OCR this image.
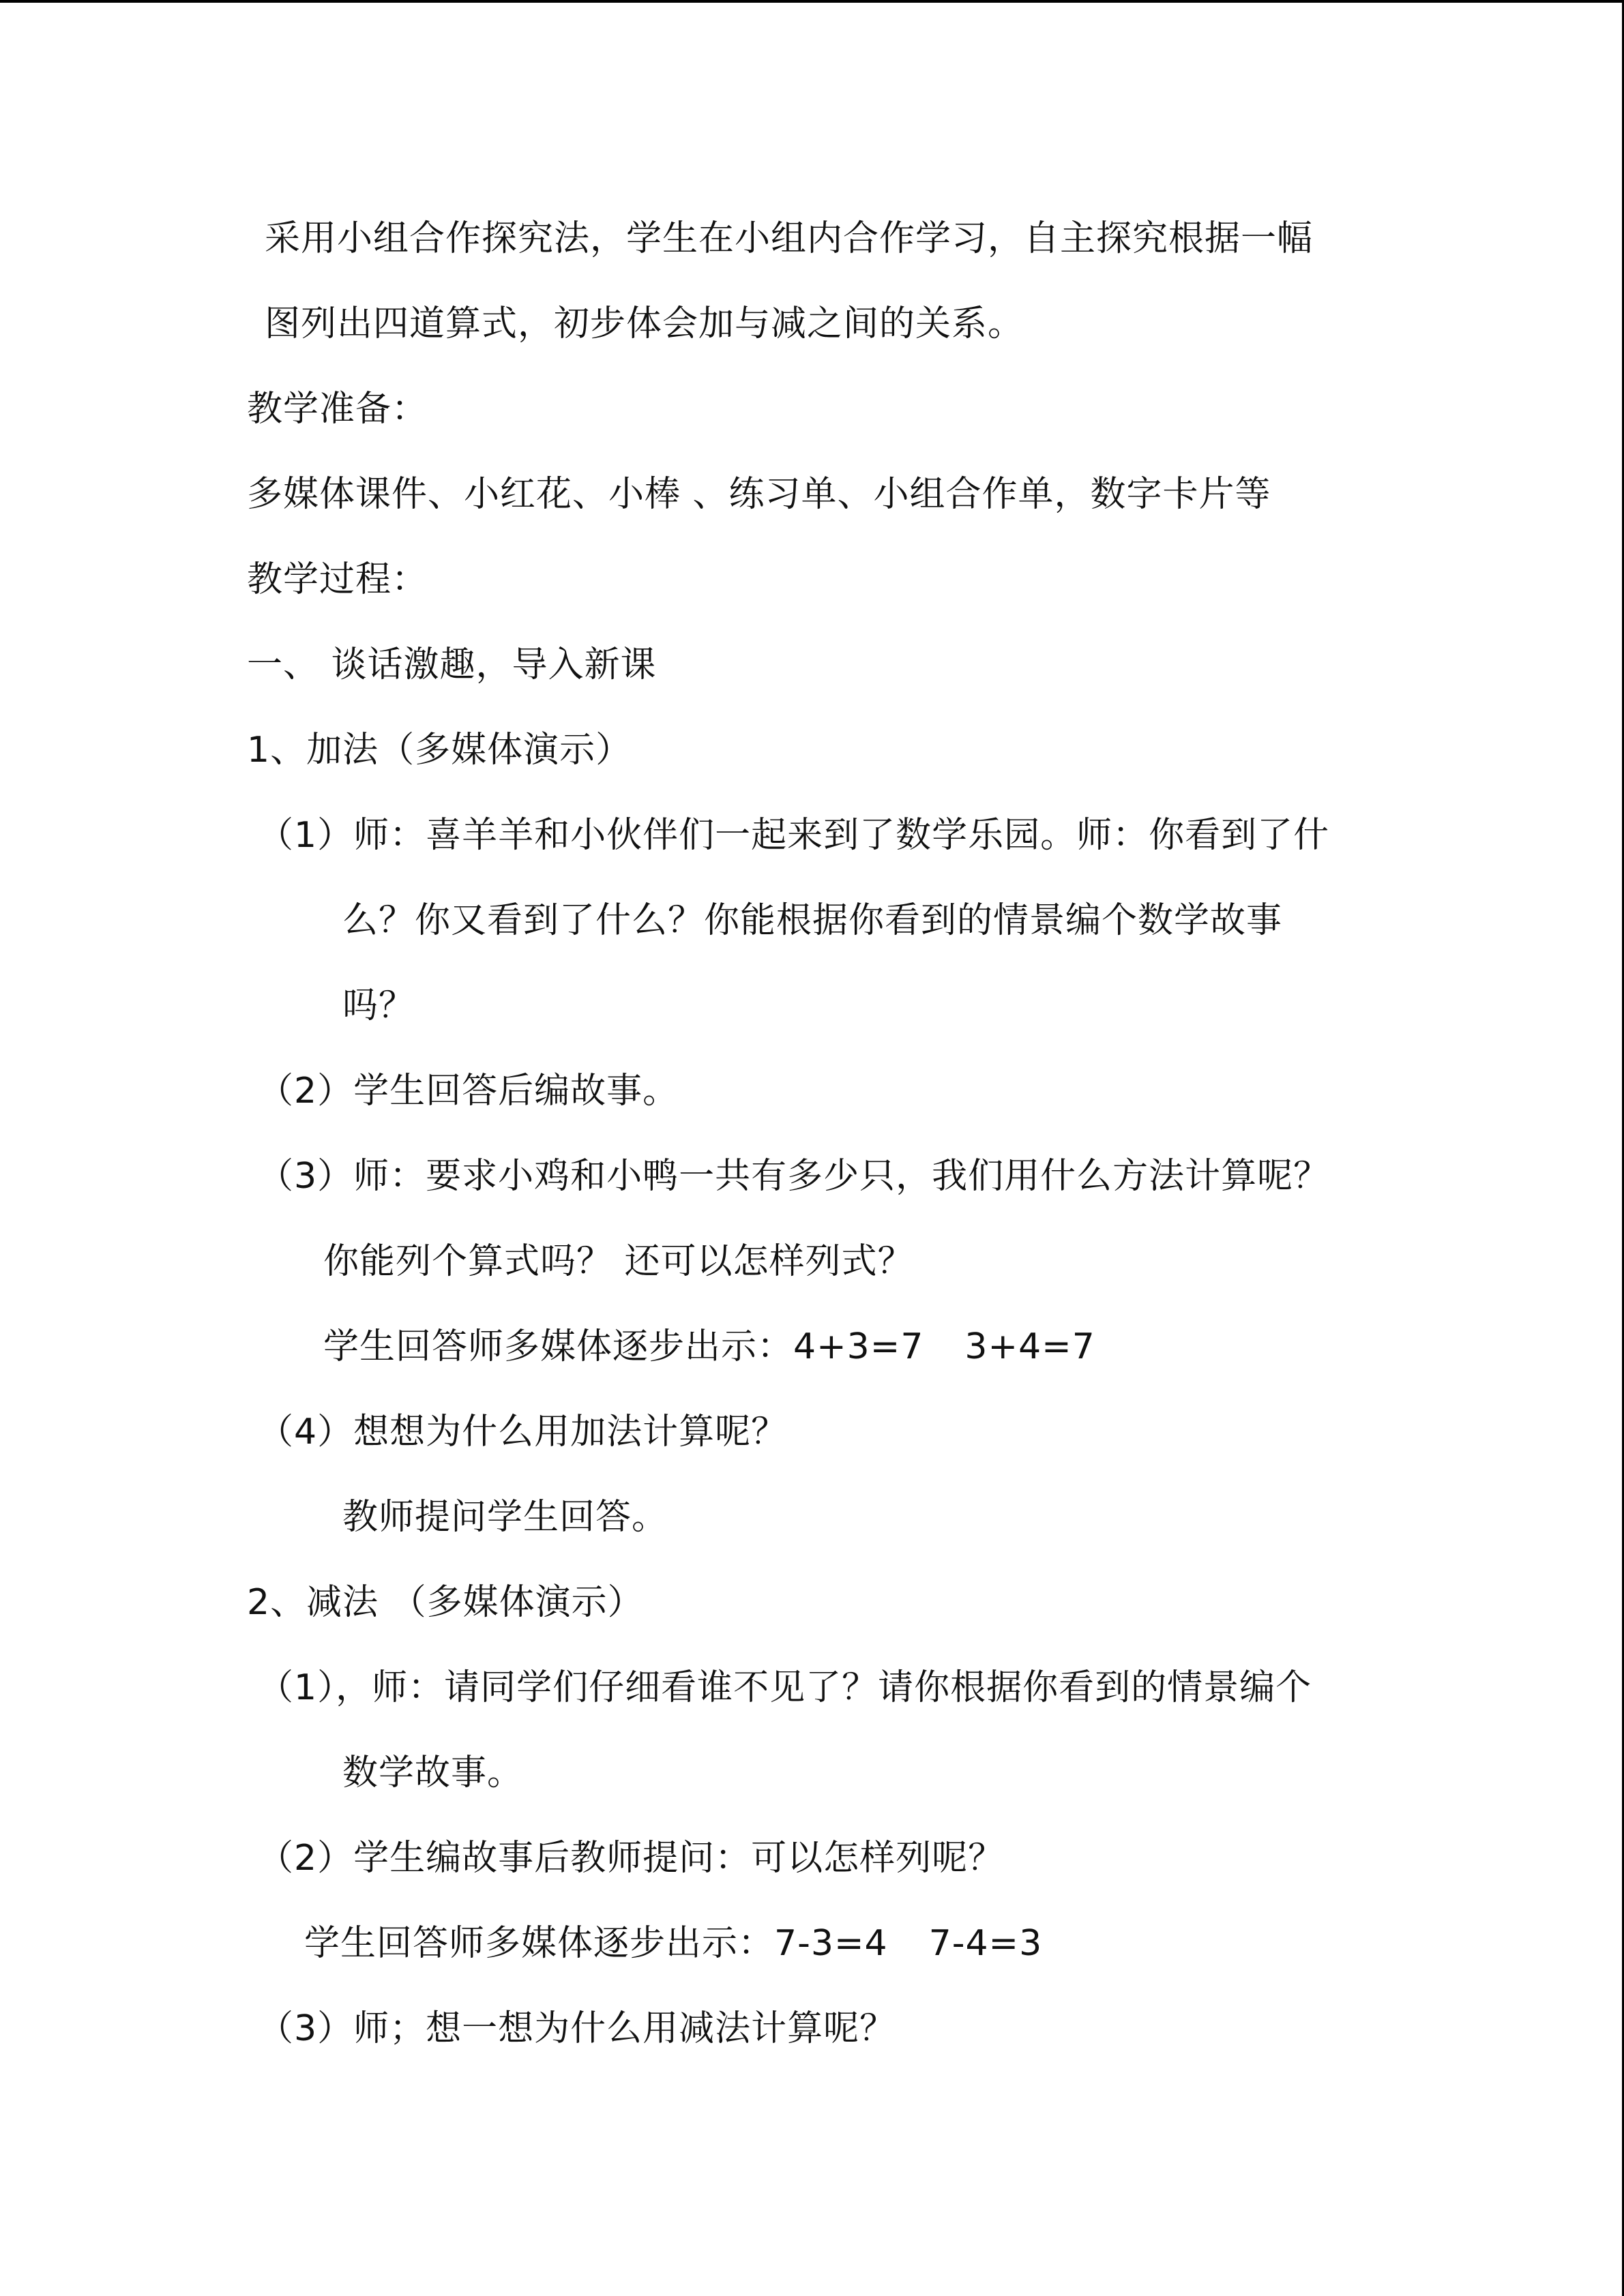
采用小组合作探究法，学生在小组内合作学习，自主探究根据一幅
图列出四道算式，初步体会加与减之间的关系。
教学准备：
多媒体课件、小红花、小棒 、练习单、小组合作单，数字卡片等
教学过程：
一、 谈话激趣，导入新课
1、加法（多媒体演示）
（1）师：喜羊羊和小伙伴们一起来到了数学乐园。师：你看到了什
么？你又看到了什么？你能根据你看到的情景编个数学故事
吗？
（2）学生回答后编故事。
（3）师：要求小鸡和小鸭一共有多少只，我们用什么方法计算呢？
你能列个算式吗？ 还可以怎样列式？
学生回答师多媒体逐步出示：4+3=7 3+4=7
（4）想想为什么用加法计算呢？
教师提问学生回答。
2、减法 （多媒体演示）
（1），师：请同学们仔细看谁不见了？请你根据你看到的情景编个
数学故事。
（2）学生编故事后教师提问：可以怎样列呢？
学生回答师多媒体逐步出示：7-3=4 7-4=3
（3）师；想一想为什么用减法计算呢？
